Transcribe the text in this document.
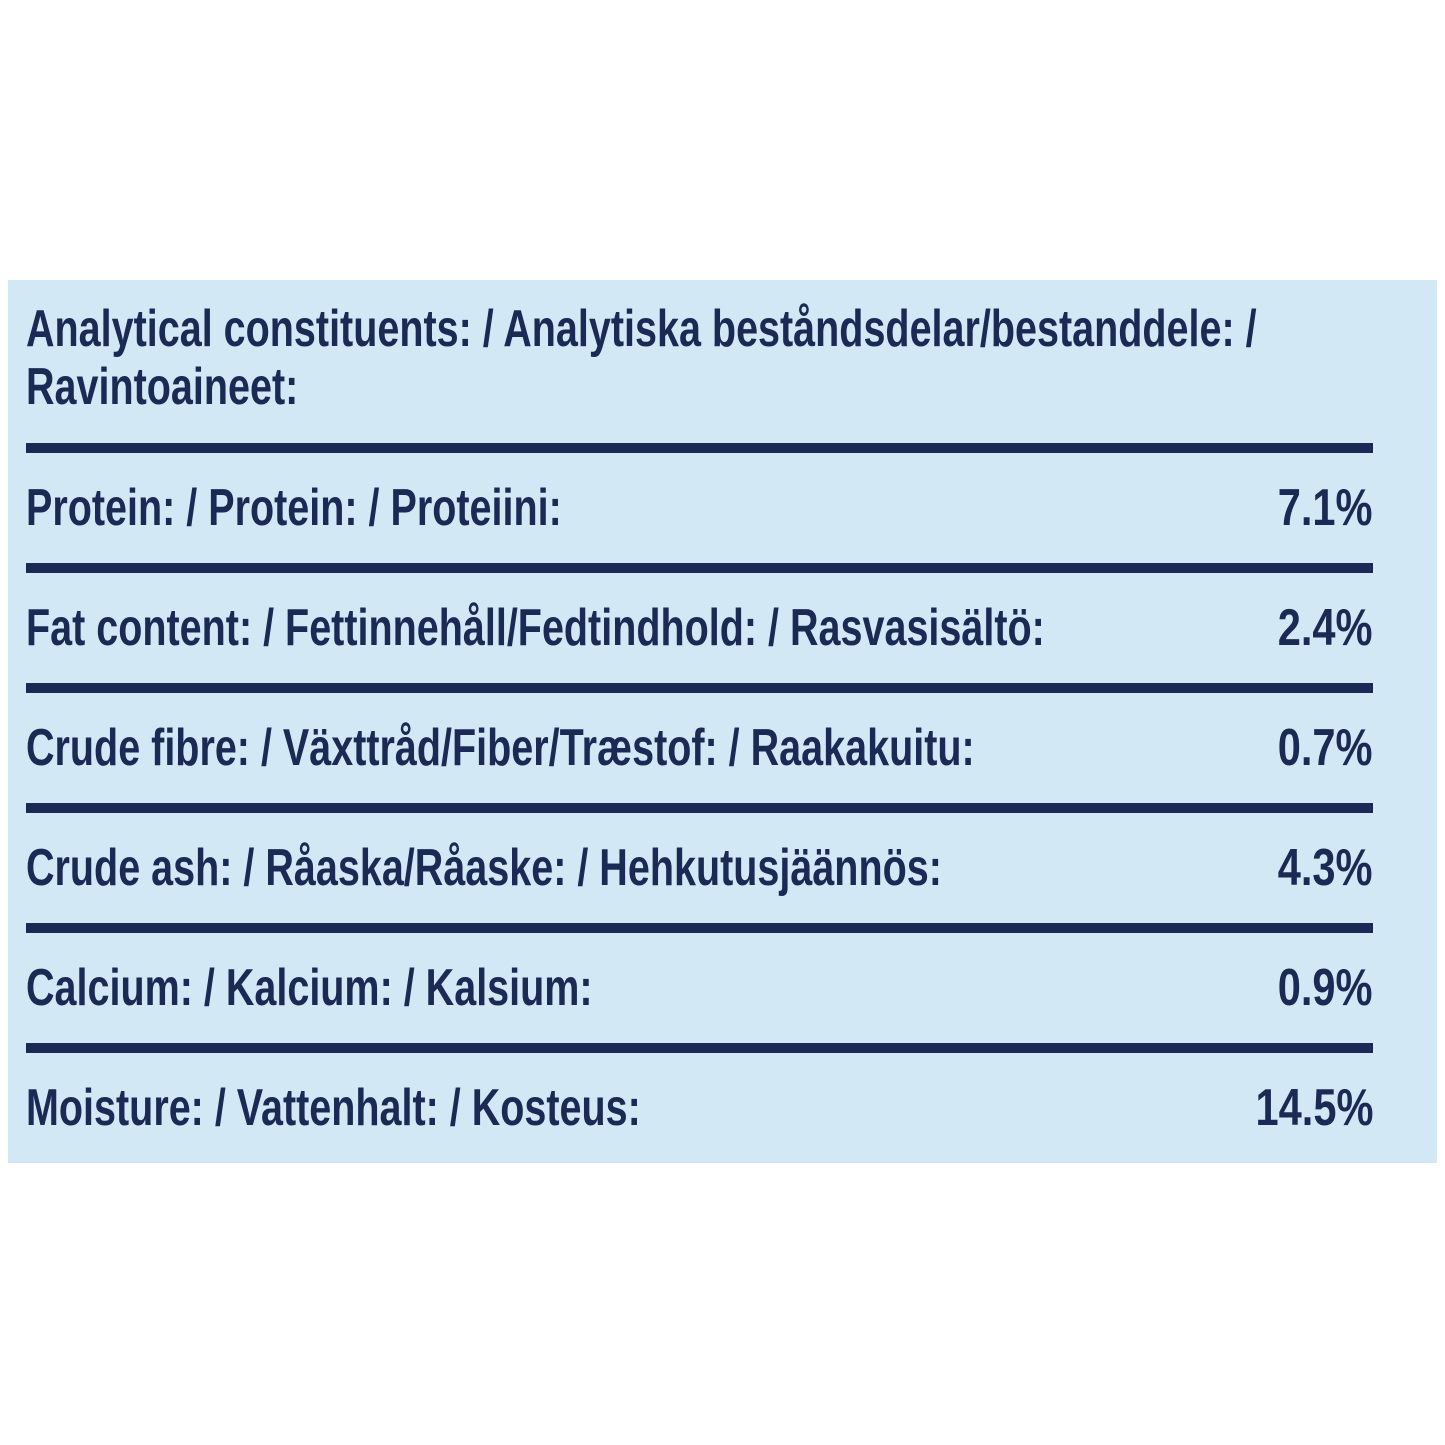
Analytical constituents: / Analytiska beståndsdelar/bestanddele: /
Ravintoaineet:
Protein: / Protein: / Proteiini:	7.1%
Fat content: / Fettinnehåll/Fedtindhold: / Rasvasisältö:	2.4%
Crude fibre: / Växttråd/Fiber/Træstof: / Raakakuitu:	0.7%
Crude ash: / Råaska/Råaske: / Hehkutusjäännös:	4.3%
Calcium: / Kalcium: / Kalsium:	0.9%
Moisture: / Vattenhalt: / Kosteus:	14.5%
